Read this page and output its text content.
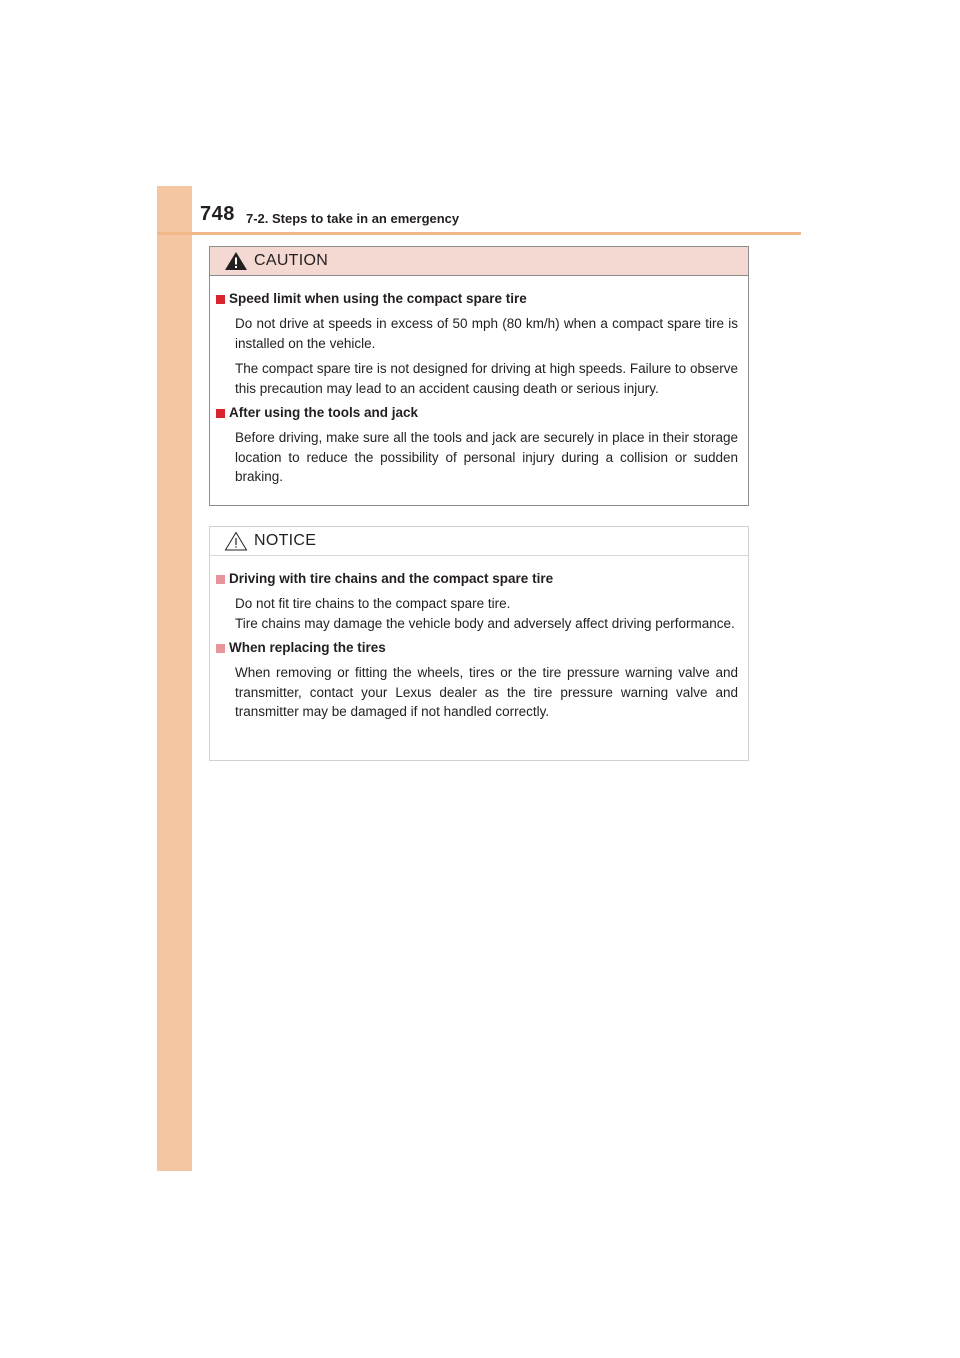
748 7-2. Steps to take in an emergency
CAUTION
Speed limit when using the compact spare tire

Do not drive at speeds in excess of 50 mph (80 km/h) when a compact spare tire is installed on the vehicle.

The compact spare tire is not designed for driving at high speeds. Failure to observe this precaution may lead to an accident causing death or serious injury.

After using the tools and jack

Before driving, make sure all the tools and jack are securely in place in their storage location to reduce the possibility of personal injury during a collision or sudden braking.

NOTICE
Driving with tire chains and the compact spare tire

Do not fit tire chains to the compact spare tire.

Tire chains may damage the vehicle body and adversely affect driving performance.

When replacing the tires

When removing or fitting the wheels, tires or the tire pressure warning valve and transmitter, contact your Lexus dealer as the tire pressure warning valve and transmitter may be damaged if not handled correctly.
